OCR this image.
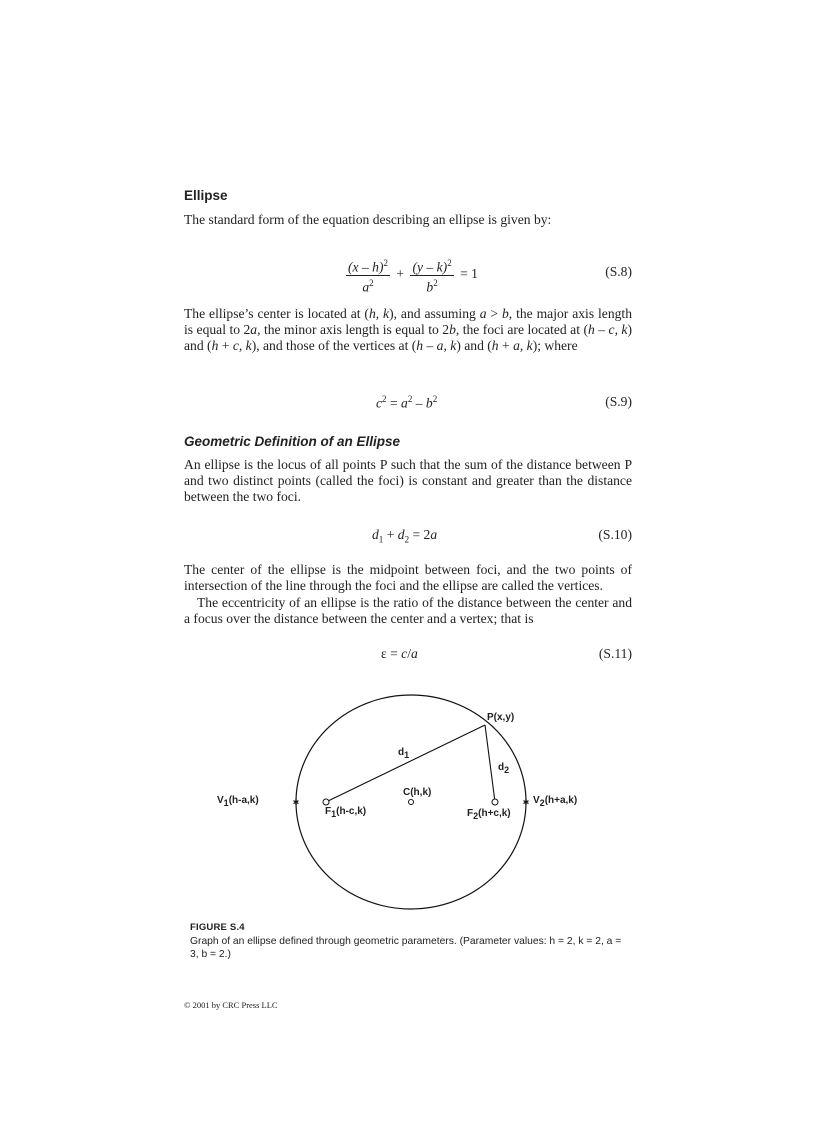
Ellipse
The standard form of the equation describing an ellipse is given by:
$\frac{(x - h)^2}{a^2} + \frac{(y - k)^2}{b^2} = 1$	(S.8)
The ellipse’s center is located at (h, k), and assuming a > b, the major axis length is equal to 2a, the minor axis length is equal to 2b, the foci are located at (h – c, k) and (h + c, k), and those of the vertices at (h – a, k) and (h + a, k); where
$c^2 = a^2 - b^2$	(S.9)
Geometric Definition of an Ellipse
An ellipse is the locus of all points P such that the sum of the distance between P and two distinct points (called the foci) is constant and greater than the distance between the two foci.
$d_1 + d_2 = 2a$	(S.10)
The center of the ellipse is the midpoint between foci, and the two points of intersection of the line through the foci and the ellipse are called the vertices.
The eccentricity of an ellipse is the ratio of the distance between the center and a focus over the distance between the center and a vertex; that is
ε = c/a	(S.11)
✱	✱
P(x,y)
$d_1$
$d_2$
C(h,k)
$V_1(h-a,k)$	$V_2(h+a,k)$
$F_1(h-c,k)$	$F_2(h+c,k)$
FIGURE S.4
Graph of an ellipse defined through geometric parameters. (Parameter values: h = 2, k = 2, a = 3, b = 2.)
© 2001 by CRC Press LLC
